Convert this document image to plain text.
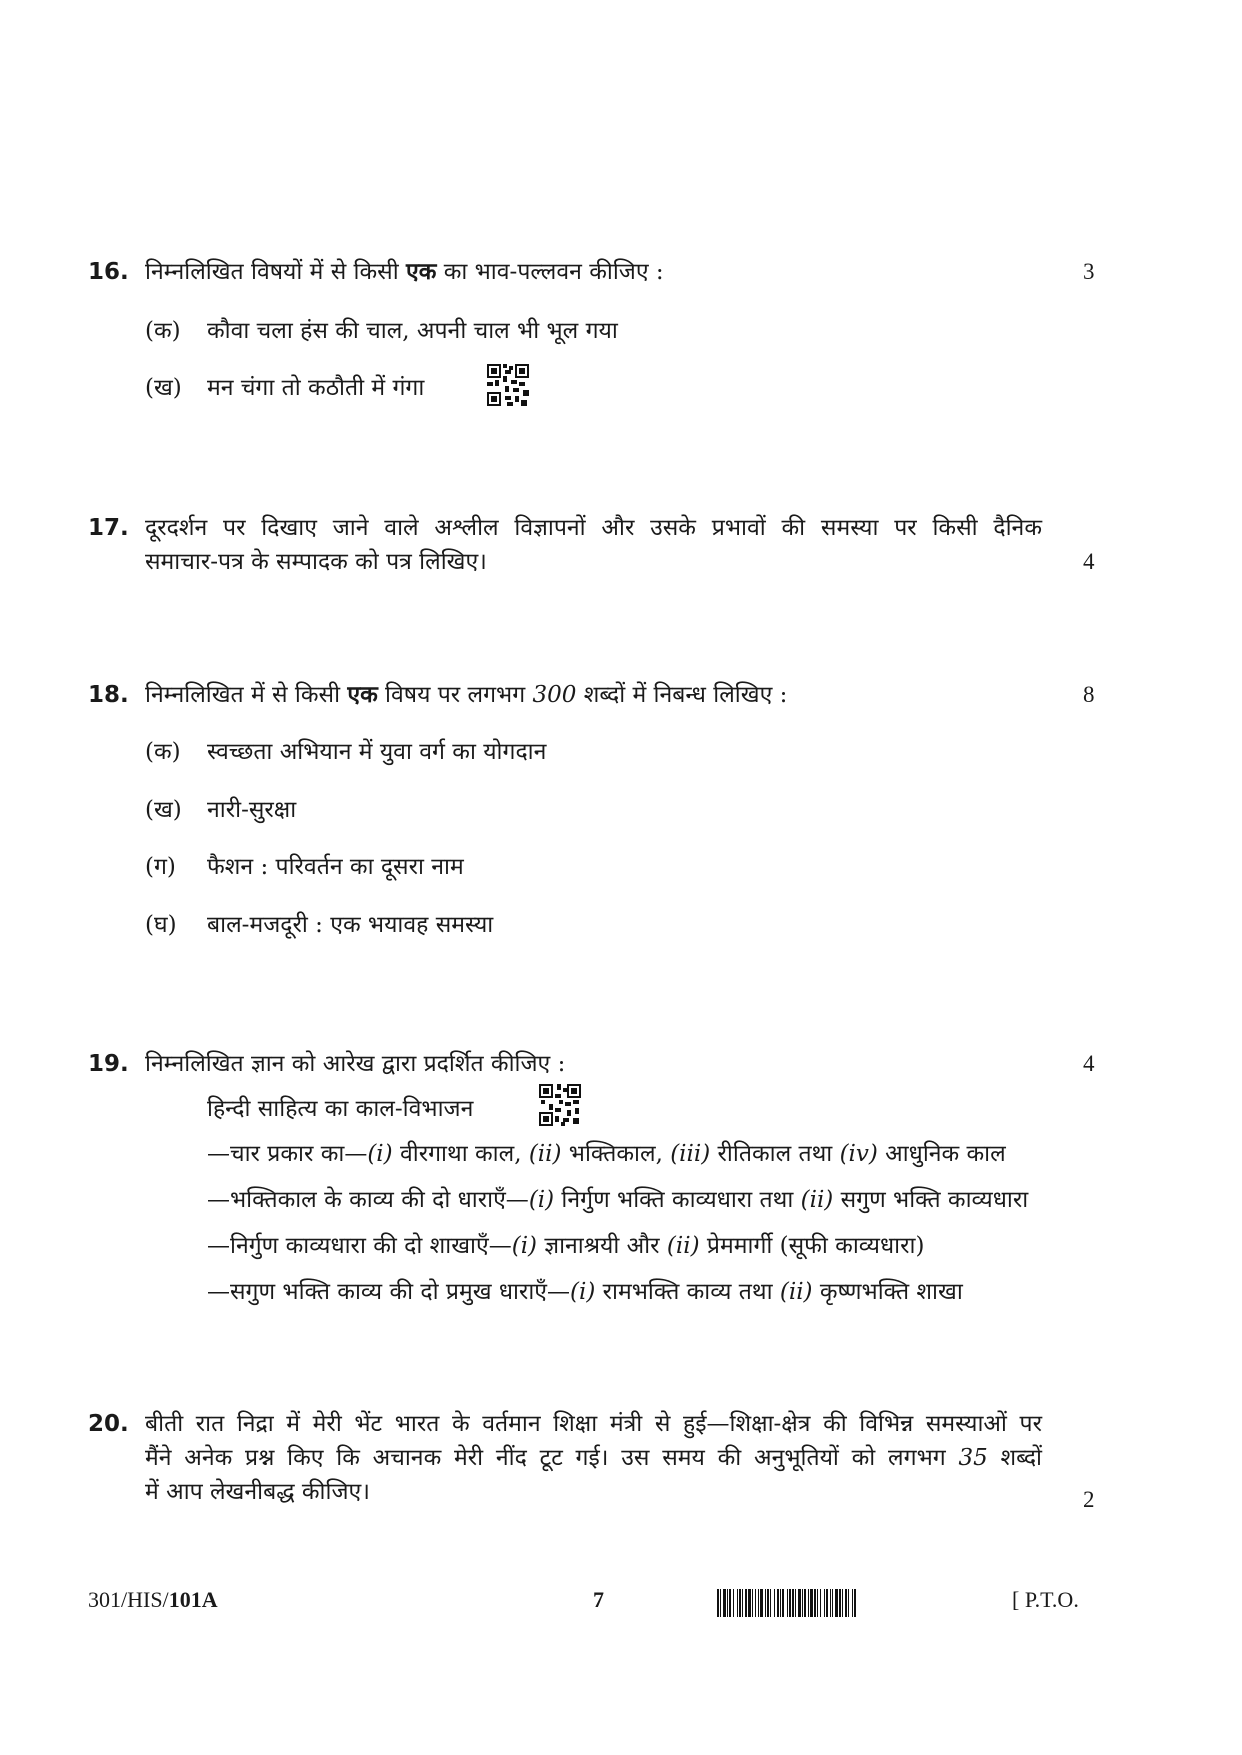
16. निम्नलिखित विषयों में से किसी एक का भाव-पल्लवन कीजिए :	3
(क) कौवा चला हंस की चाल, अपनी चाल भी भूल गया
(ख) मन चंगा तो कठौती में गंगा
17. दूरदर्शन पर दिखाए जाने वाले अश्लील विज्ञापनों और उसके प्रभावों की समस्या पर किसी दैनिक
समाचार-पत्र के सम्पादक को पत्र लिखिए।	4
18. निम्नलिखित में से किसी एक विषय पर लगभग 300 शब्दों में निबन्ध लिखिए :	8
(क) स्वच्छता अभियान में युवा वर्ग का योगदान
(ख) नारी-सुरक्षा
(ग) फैशन : परिवर्तन का दूसरा नाम
(घ) बाल-मजदूरी : एक भयावह समस्या
19. निम्नलिखित ज्ञान को आरेख द्वारा प्रदर्शित कीजिए :	4
हिन्दी साहित्य का काल-विभाजन
—चार प्रकार का—(i) वीरगाथा काल, (ii) भक्तिकाल, (iii) रीतिकाल तथा (iv) आधुनिक काल
—भक्तिकाल के काव्य की दो धाराएँ—(i) निर्गुण भक्ति काव्यधारा तथा (ii) सगुण भक्ति काव्यधारा
—निर्गुण काव्यधारा की दो शाखाएँ—(i) ज्ञानाश्रयी और (ii) प्रेममार्गी (सूफी काव्यधारा)
—सगुण भक्ति काव्य की दो प्रमुख धाराएँ—(i) रामभक्ति काव्य तथा (ii) कृष्णभक्ति शाखा
20. बीती रात निद्रा में मेरी भेंट भारत के वर्तमान शिक्षा मंत्री से हुई—शिक्षा-क्षेत्र की विभिन्न समस्याओं पर
मैंने अनेक प्रश्न किए कि अचानक मेरी नींद टूट गई। उस समय की अनुभूतियों को लगभग 35 शब्दों
में आप लेखनीबद्ध कीजिए।	2
301/HIS/101A	7	[ P.T.O.
